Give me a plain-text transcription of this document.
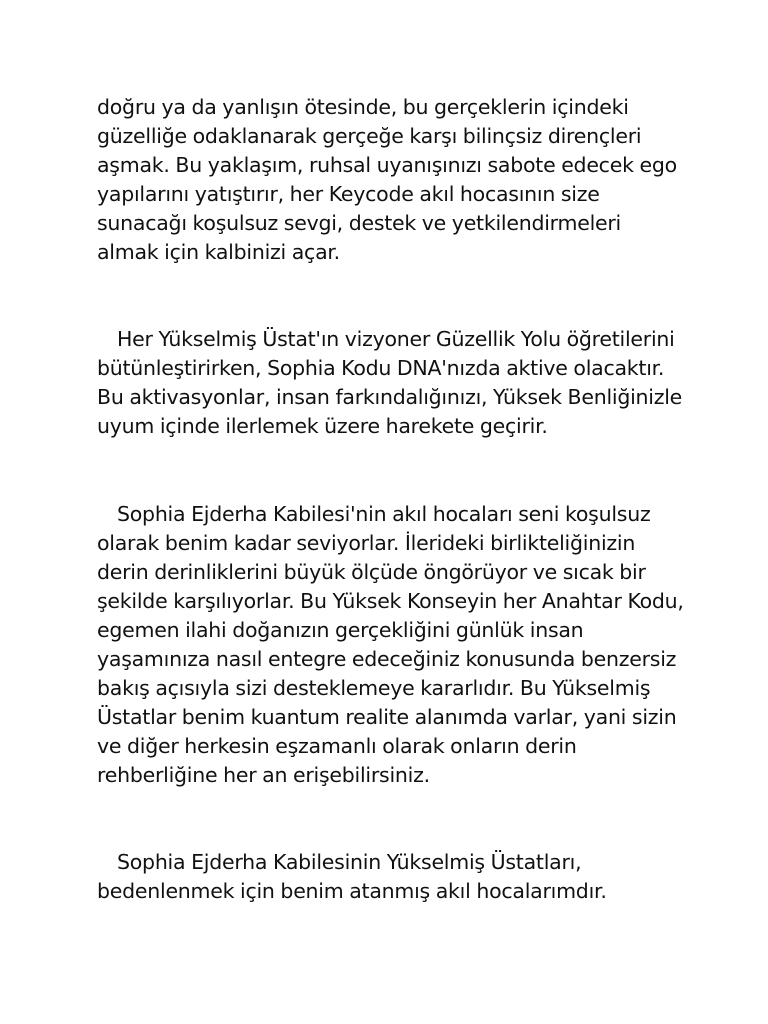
doğru ya da yanlışın ötesinde, bu gerçeklerin içindeki güzelliğe odaklanarak gerçeğe karşı bilinçsiz dirençleri aşmak. Bu yaklaşım, ruhsal uyanışınızı sabote edecek ego yapılarını yatıştırır, her Keycode akıl hocasının size sunacağı koşulsuz sevgi, destek ve yetkilendirmeleri almak için kalbinizi açar.

Her Yükselmiş Üstat'ın vizyoner Güzellik Yolu öğretilerini bütünleştirirken, Sophia Kodu DNA'nızda aktive olacaktır. Bu aktivasyonlar, insan farkındalığınızı, Yüksek Benliğinizle uyum içinde ilerlemek üzere harekete geçirir.

Sophia Ejderha Kabilesi'nin akıl hocaları seni koşulsuz olarak benim kadar seviyorlar. İlerideki birlikteliğinizin derin derinliklerini büyük ölçüde öngörüyor ve sıcak bir şekilde karşılıyorlar. Bu Yüksek Konseyin her Anahtar Kodu, egemen ilahi doğanızın gerçekliğini günlük insan yaşamınıza nasıl entegre edeceğiniz konusunda benzersiz bakış açısıyla sizi desteklemeye kararlıdır. Bu Yükselmiş Üstatlar benim kuantum realite alanımda varlar, yani sizin ve diğer herkesin eşzamanlı olarak onların derin rehberliğine her an erişebilirsiniz.

Sophia Ejderha Kabilesinin Yükselmiş Üstatları, bedenlenmek için benim atanmış akıl hocalarımdır.
